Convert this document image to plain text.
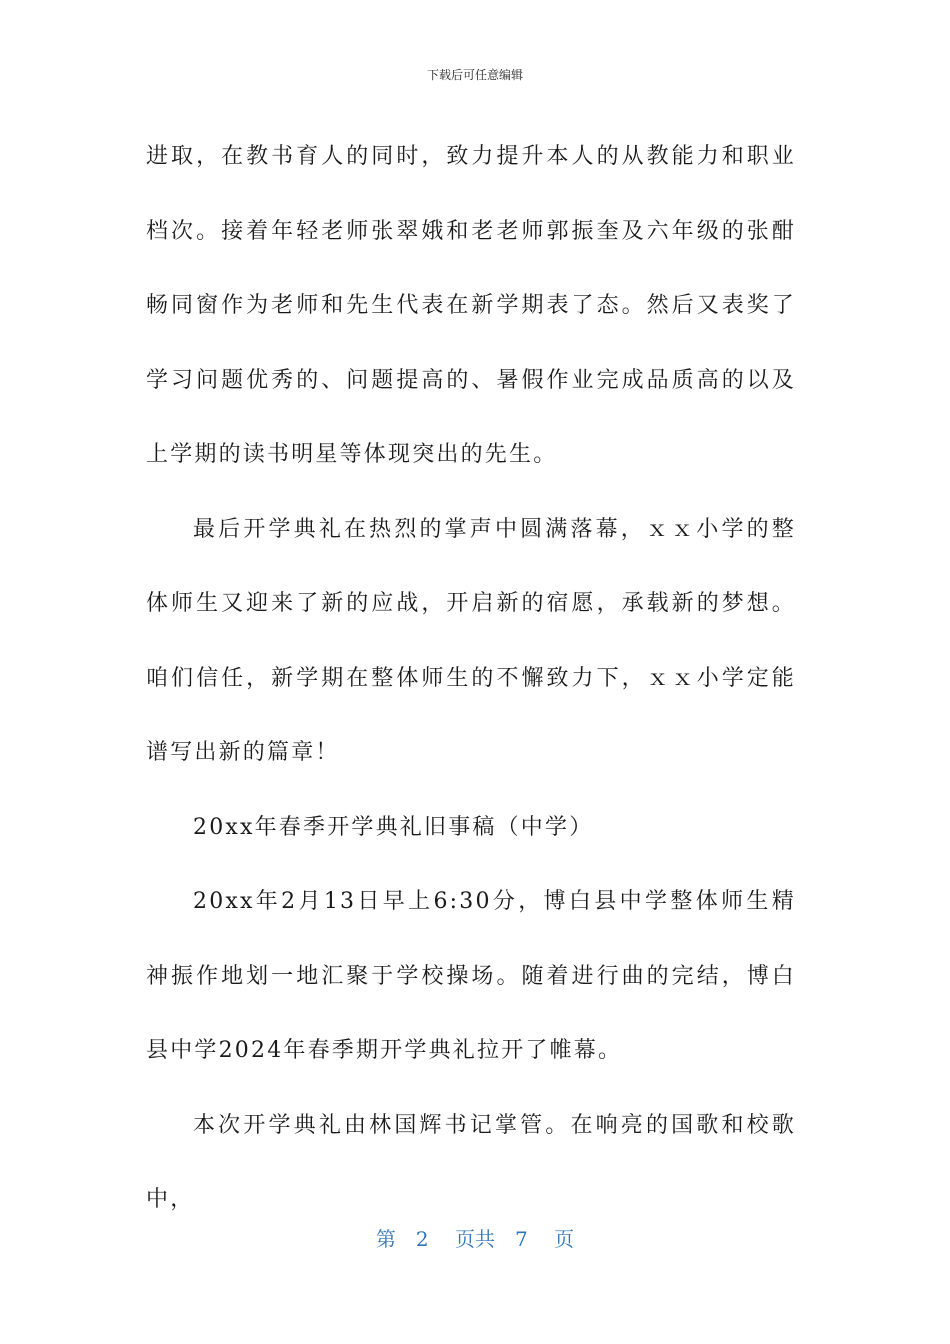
下载后可任意编辑

进取，在教书育人的同时，致力提升本人的从教能力和职业档次。接着年轻老师张翠娥和老老师郭振奎及六年级的张酣畅同窗作为老师和先生代表在新学期表了态。然后又表奖了学习问题优秀的、问题提高的、暑假作业完成品质高的以及上学期的读书明星等体现突出的先生。

最后开学典礼在热烈的掌声中圆满落幕，ｘｘ小学的整体师生又迎来了新的应战，开启新的宿愿，承载新的梦想。咱们信任，新学期在整体师生的不懈致力下，ｘｘ小学定能谱写出新的篇章！

20xx年春季开学典礼旧事稿（中学）

20xx年2月13日早上6:30分，博白县中学整体师生精神振作地划一地汇聚于学校操场。随着进行曲的完结，博白县中学2024年春季期开学典礼拉开了帷幕。

本次开学典礼由林国辉书记掌管。在响亮的国歌和校歌中，

第　2　 页共　7　 页
